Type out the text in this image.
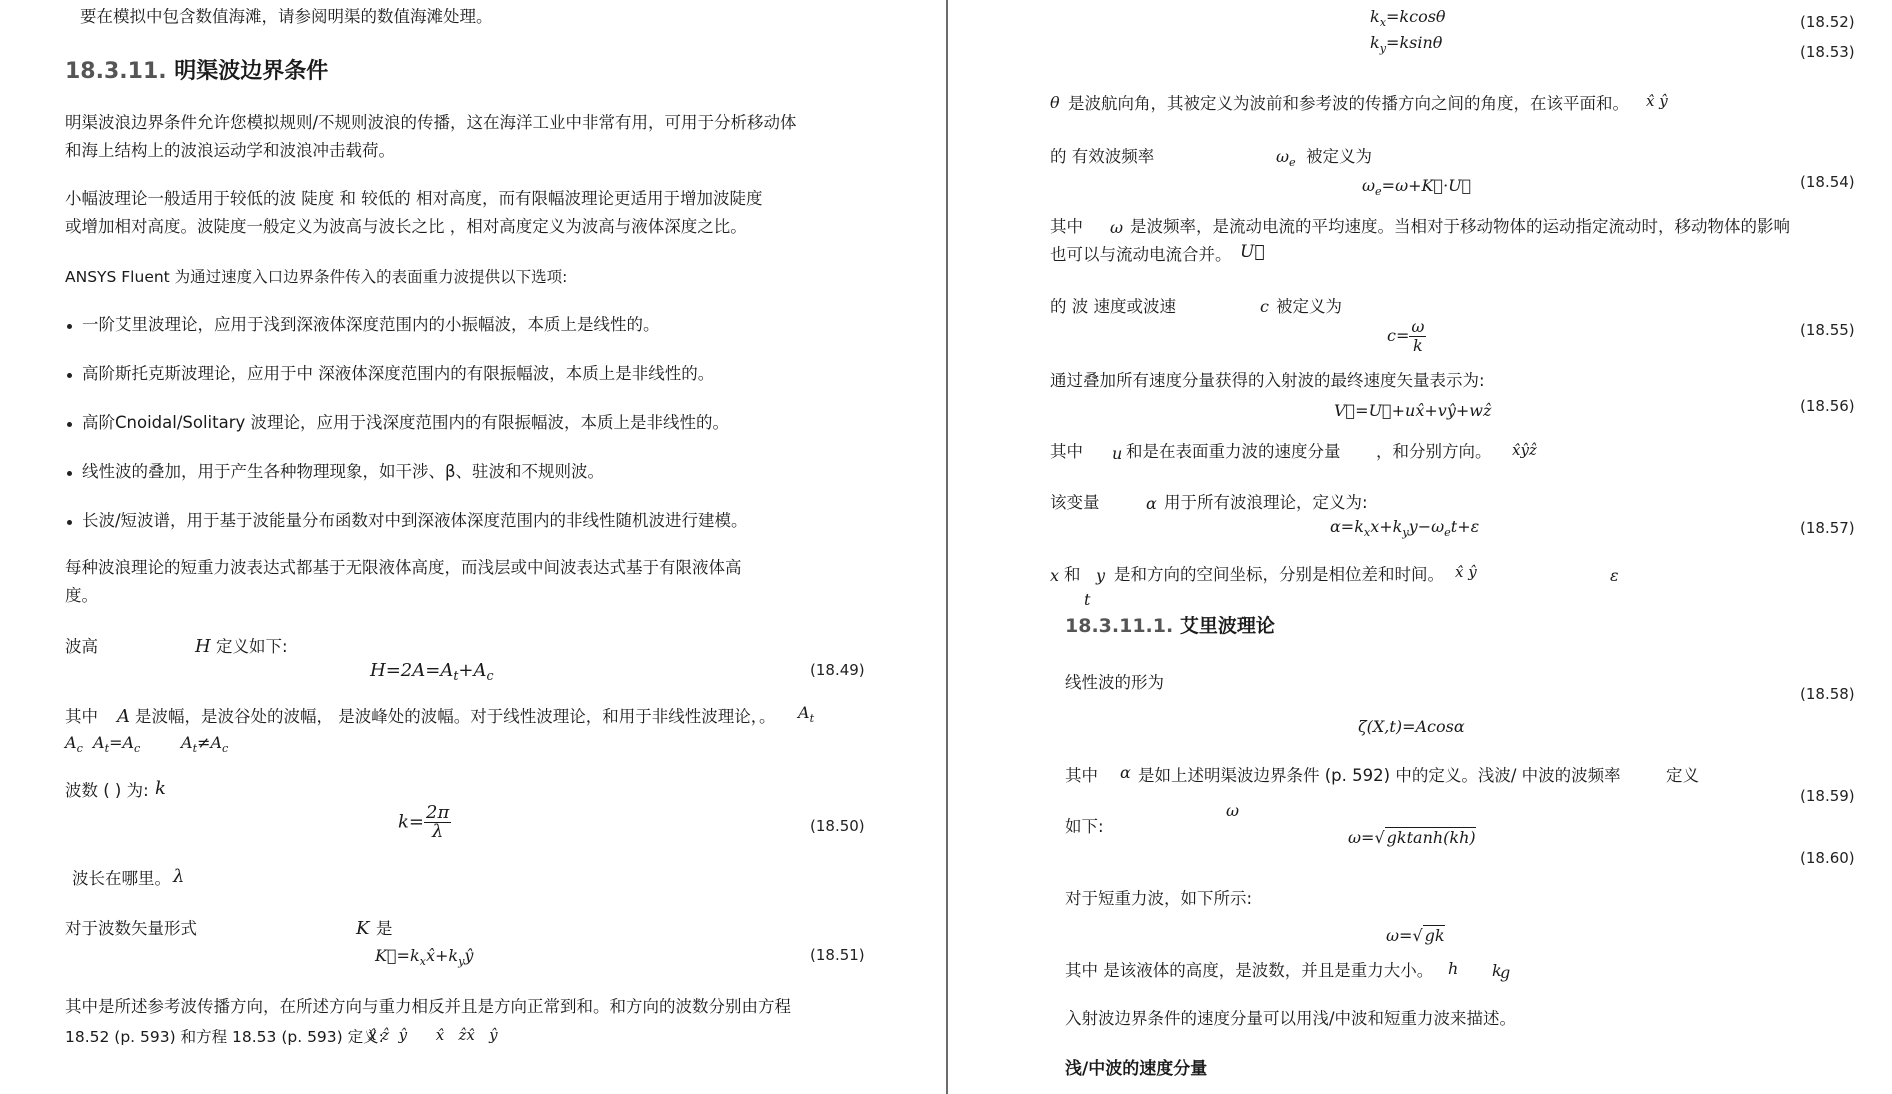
要在模拟中包含数值海滩，请参阅明渠的数值海滩处理。
18.3.11. 明渠波边界条件
明渠波浪边界条件允许您模拟规则/不规则波浪的传播，这在海洋工业中非常有用，可用于分析移动体
和海上结构上的波浪运动学和波浪冲击载荷。
小幅波理论一般适用于较低的波 陡度 和 较低的 相对高度，而有限幅波理论更适用于增加波陡度
或增加相对高度。波陡度一般定义为波高与波长之比 ，相对高度定义为波高与液体深度之比。
ANSYS Fluent 为通过速度入口边界条件传入的表面重力波提供以下选项:
一阶艾里波理论，应用于浅到深液体深度范围内的小振幅波，本质上是线性的。
高阶斯托克斯波理论，应用于中 深液体深度范围内的有限振幅波，本质上是非线性的。
高阶Cnoidal/Solitary 波理论，应用于浅深度范围内的有限振幅波，本质上是非线性的。
线性波的叠加，用于产生各种物理现象，如干涉、β、驻波和不规则波。
长波/短波谱，用于基于波能量分布函数对中到深液体深度范围内的非线性随机波进行建模。
每种波浪理论的短重力波表达式都基于无限液体高度，而浅层或中间波表达式基于有限液体高
度。
波高	H 定义如下:
$H=2A=A_t+A_c$	(18.49)
其中 A 是波幅，是波谷处的波幅， 是波峰处的波幅。对于线性波理论，和用于非线性波理论，。 $A_t$
$A_c$  $A_t=A_c$        $A_t\ne A_c$
波数 ( ) 为: k
$k= \frac{2\pi}{\lambda}$	(18.50)
波长在哪里。 λ
对于波数矢量形式	K 是
$K⃗=k_xx̂+k_yŷ$	(18.51)
其中是所述参考波传播方向，在所述方向与重力相反并且是方向正常到和。和方向的波数分别由方程
18.52 (p. 593) 和方程 18.53 (p. 593) 定义:
x̂ ẑ  ŷ      x̂   ẑx̂   ŷ
$k_x=kcos\theta$	(18.52)
$k_y=ksin\theta$	(18.53)
θ 是波航向角，其被定义为波前和参考波的传播方向之间的角度，在该平面和。 x̂ ŷ
的 有效波频率	$\omega_e$ 被定义为
$\omega_e=\omega+K⃗\cdot U⃗$	(18.54)
其中 ω 是波频率，是流动电流的平均速度。当相对于移动物体的运动指定流动时，移动物体的影响
也可以与流动电流合并。 U⃗
的 波 速度或波速	c 被定义为
$c= \frac{\omega}{k}$	(18.55)
通过叠加所有速度分量获得的入射波的最终速度矢量表示为:
V⃗=U⃗+ux̂+vŷ+wẑ	(18.56)
其中 u 和是在表面重力波的速度分量 ，和分别方向。 x̂ŷẑ
该变量	α 用于所有波浪理论，定义为:
$\alpha=k_xx+k_yy-\omega_et+\varepsilon$	(18.57)
x 和 y 是和方向的空间坐标，分别是相位差和时间。 x̂ ŷ	ε
t
18.3.11.1. 艾里波理论
线性波的形为
(18.58)
ζ(X,t)=Acosα
其中 α 是如上述明渠波边界条件 (p. 592) 中的定义。浅波/ 中波的波频率	定义
(18.59)
ω
如下:
ω=√ gktanh(kh)
(18.60)
对于短重力波，如下所示:
ω=√ gk
其中 是该液体的高度，是波数，并且是重力大小。 h k
g
入射波边界条件的速度分量可以用浅/中波和短重力波来描述。
浅/中波的速度分量
